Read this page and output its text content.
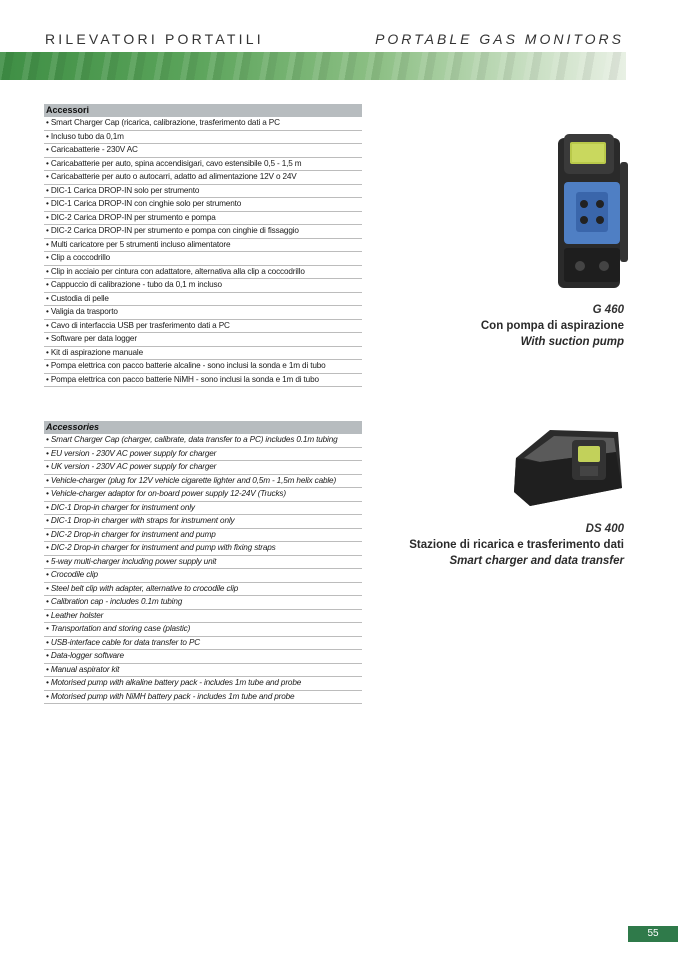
RILEVATORI PORTATILI	PORTABLE GAS MONITORS
Accessori
• Smart Charger Cap (ricarica, calibrazione, trasferimento dati a PC
• Incluso tubo da 0,1m
• Caricabatterie - 230V AC
• Caricabatterie per auto, spina accendisigari, cavo estensibile 0,5 - 1,5 m
• Caricabatterie per auto o autocarri, adatto ad alimentazione 12V o 24V
• DIC-1 Carica DROP-IN solo per strumento
• DIC-1 Carica DROP-IN con cinghie solo per strumento
• DIC-2 Carica DROP-IN per strumento e pompa
• DIC-2 Carica DROP-IN per strumento e pompa con cinghie di fissaggio
• Multi caricatore per 5 strumenti incluso alimentatore
• Clip a coccodrillo
• Clip in acciaio per cintura con adattatore, alternativa alla clip a coccodrillo
• Cappuccio di calibrazione - tubo da 0,1 m incluso
• Custodia di pelle
• Valigia da trasporto
• Cavo di interfaccia USB per trasferimento dati a PC
• Software per data logger
• Kit di aspirazione manuale
• Pompa elettrica con pacco batterie alcaline - sono inclusi la sonda e 1m di tubo
• Pompa elettrica con pacco batterie NiMH - sono inclusi la sonda e 1m di tubo
Accessories
• Smart Charger Cap (charger, calibrate, data transfer to a PC) includes 0.1m tubing
• EU version - 230V AC power supply for charger
• UK version - 230V AC power supply for charger
• Vehicle-charger (plug for 12V vehicle cigarette lighter and 0,5m - 1,5m helix cable)
• Vehicle-charger adaptor for on-board power supply 12-24V (Trucks)
• DIC-1 Drop-in charger for instrument only
• DIC-1 Drop-in charger with straps for instrument only
• DIC-2 Drop-in charger for instrument and pump
• DIC-2 Drop-in charger for instrument and pump with fixing straps
• 5-way multi-charger including power supply unit
• Crocodile clip
• Steel belt clip with adapter, alternative to crocodile clip
• Calibration cap - includes 0.1m tubing
• Leather holster
• Transportation and storing case (plastic)
• USB-interface cable for data transfer to PC
• Data-logger software
• Manual aspirator kit
• Motorised pump with alkaline battery pack - includes 1m tube and probe
• Motorised pump with NiMH battery pack - includes 1m tube and probe
G 460
Con pompa di aspirazione
With suction pump
DS 400
Stazione di ricarica e trasferimento dati
Smart charger and data transfer
55
